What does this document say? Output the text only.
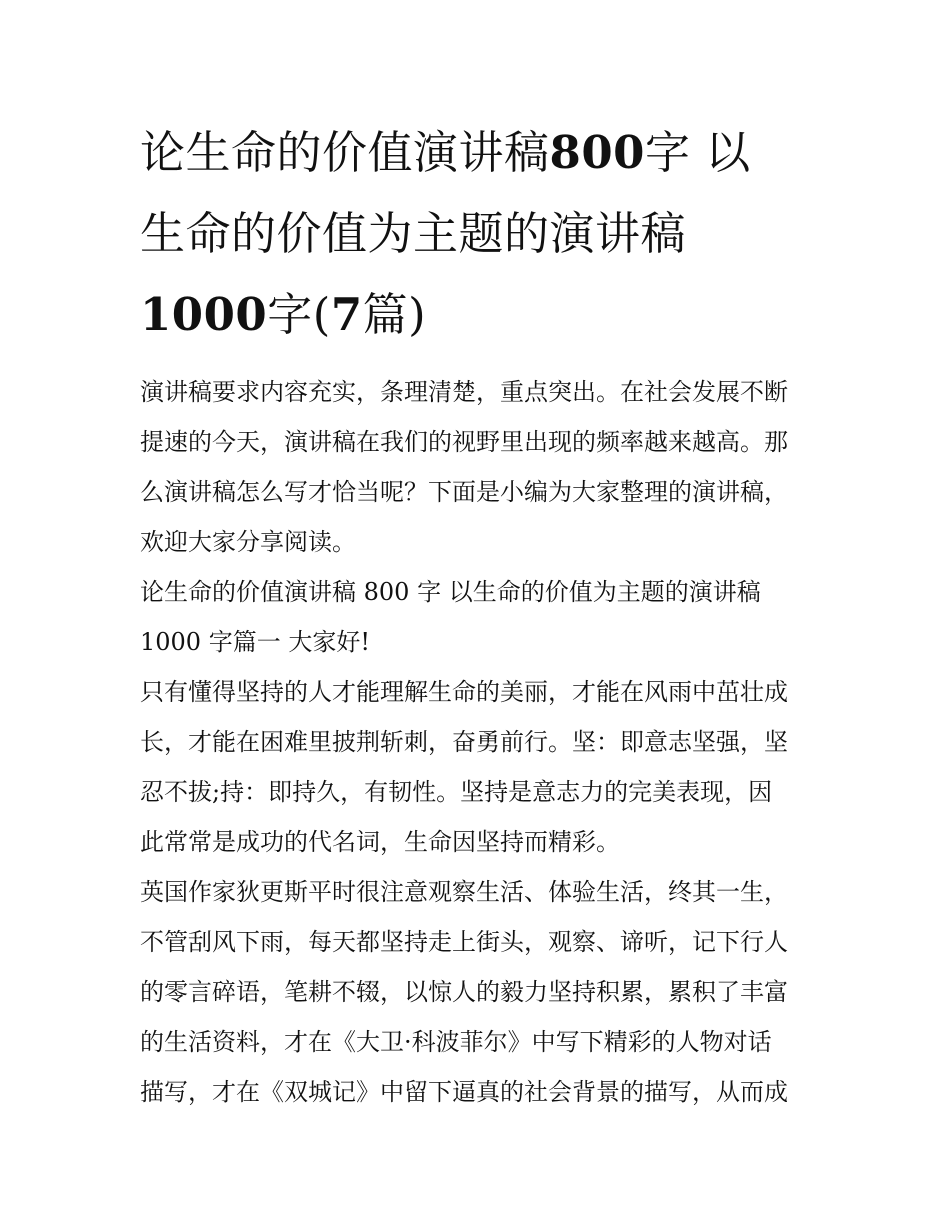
论生命的价值演讲稿800字 以
生命的价值为主题的演讲稿
1000字(7篇)

演讲稿要求内容充实，条理清楚，重点突出。在社会发展不断
提速的今天，演讲稿在我们的视野里出现的频率越来越高。那
么演讲稿怎么写才恰当呢？下面是小编为大家整理的演讲稿，
欢迎大家分享阅读。

论生命的价值演讲稿 800 字 以生命的价值为主题的演讲稿
1000 字篇一 大家好!

只有懂得坚持的人才能理解生命的美丽，才能在风雨中茁壮成
长，才能在困难里披荆斩刺，奋勇前行。坚：即意志坚强，坚
忍不拔;持：即持久，有韧性。坚持是意志力的完美表现，因
此常常是成功的代名词，生命因坚持而精彩。

英国作家狄更斯平时很注意观察生活、体验生活，终其一生，
不管刮风下雨，每天都坚持走上街头，观察、谛听，记下行人
的零言碎语，笔耕不辍，以惊人的毅力坚持积累，累积了丰富
的生活资料，才在《大卫·科波菲尔》中写下精彩的人物对话
描写，才在《双城记》中留下逼真的社会背景的描写，从而成
